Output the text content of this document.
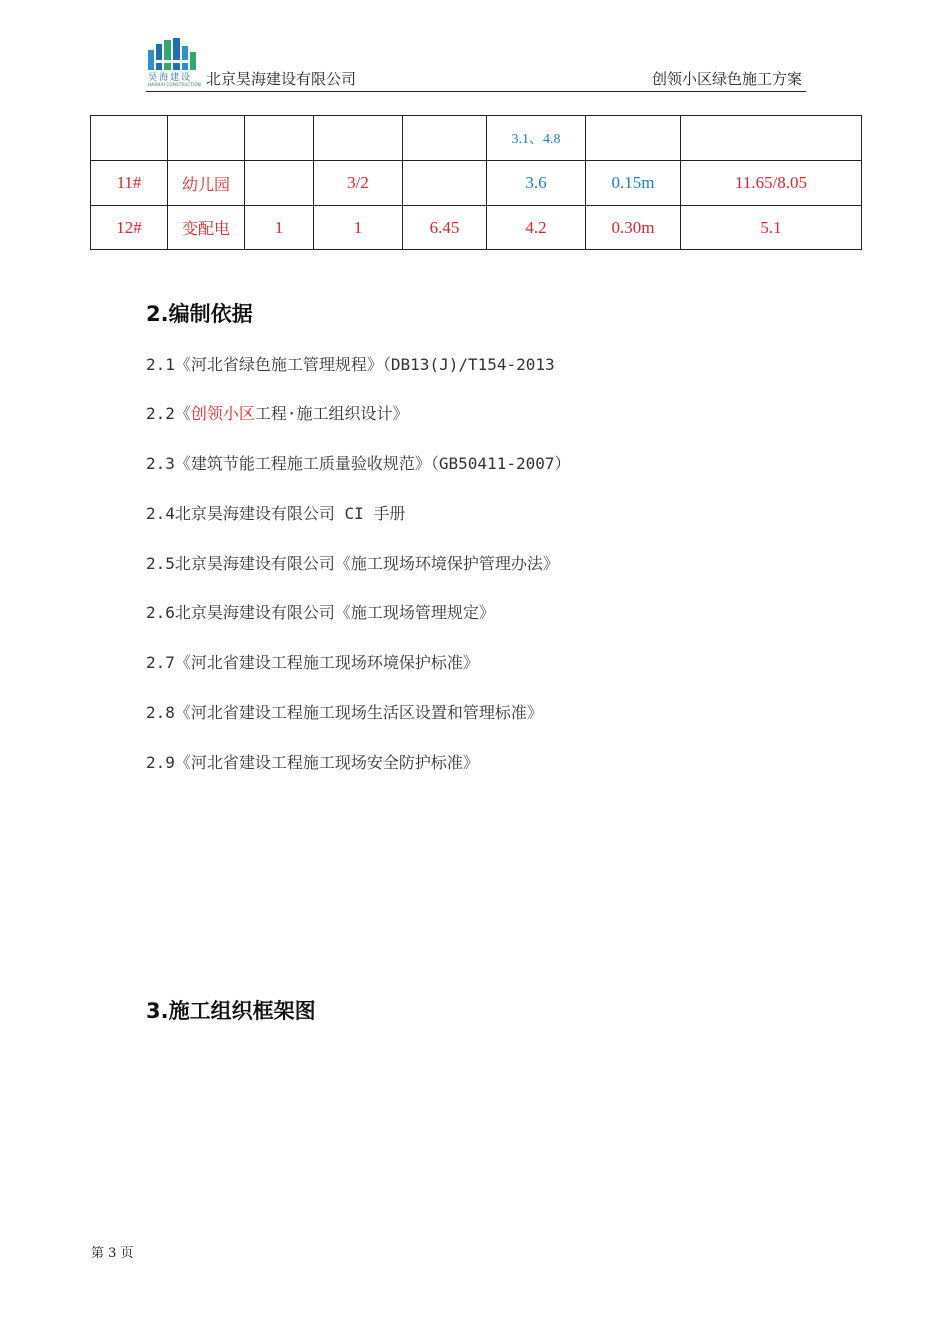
昊海建设
HAOHAI CONSTRUCTION 北京昊海建设有限公司	创领小区绿色施工方案
					3.1、4.8		
11#	幼儿园		3/2		3.6	0.15m	11.65/8.05
12#	变配电	1	1	6.45	4.2	0.30m	5.1
2.编制依据
2.1《河北省绿色施工管理规程》（DB13(J)/T154-2013
2.2《创领小区工程·施工组织设计》
2.3《建筑节能工程施工质量验收规范》（GB50411-2007）
2.4北京昊海建设有限公司 CI 手册
2.5北京昊海建设有限公司《施工现场环境保护管理办法》
2.6北京昊海建设有限公司《施工现场管理规定》
2.7《河北省建设工程施工现场环境保护标准》
2.8《河北省建设工程施工现场生活区设置和管理标准》
2.9《河北省建设工程施工现场安全防护标准》
3.施工组织框架图
第 3 页
